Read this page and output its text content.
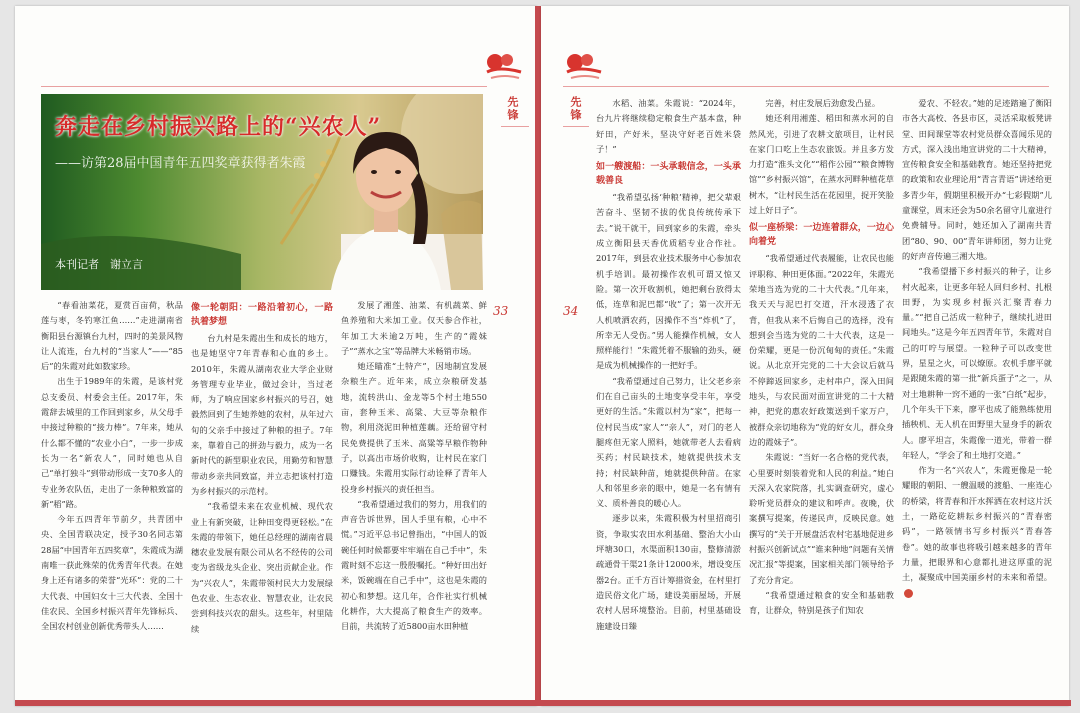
奔走在乡村振兴路上的“兴农人”
——访第28届中国青年五四奖章获得者朱霞
本刊记者　谢立言
先锋

“春看油菜花，夏赏百亩荷，秋品莲与枣，冬钓寒江鱼……”走进湖南省衡阳县台源镇台九村，四时的美景风物让人流连，台九村的“当家人”——“85后”的朱霞对此如数家珍。

出生于1989年的朱霞，是该村党总支委员、村委会主任。2017年，朱霞辞去城里的工作回到家乡，从父母手中接过种粮的“接力棒”。7年来，她从什么都不懂的“农业小白”，一步一步成长为一名“新农人”，同时她也从自己“单打独斗”到带动形成一支70多人的专业务农队伍，走出了一条种粮致富的新“稻”路。

今年五四青年节前夕，共青团中央、全国青联决定，授予30名同志第28届“中国青年五四奖章”，朱霞成为湖南唯一获此殊荣的优秀青年代表。在她身上还有诸多的荣誉“光环”：党的二十大代表、中国妇女十三大代表、全国十佳农民、全国乡村振兴青年先锋标兵、全国农村创业创新优秀带头人……

像一轮朝阳：一路沿着初心，一路执着梦想

台九村是朱霞出生和成长的地方，也是她坚守7年青春和心血的乡土。2010年，朱霞从湖南农业大学企业财务管理专业毕业，做过会计，当过老师，为了响应国家乡村振兴的号召，她毅然回到了生她养她的农村，从年过六旬的父亲手中接过了种粮的担子。7年来，靠着自己的拼劲与毅力，成为一名新时代的新型职业农民，用勤劳和智慧带动乡亲共同致富，并立志把该村打造为乡村振兴的示范村。

“我希望未来在农业机械、现代农业上有新突破，让种田变得更轻松。”在朱霞的带领下，她任总经理的湖南省晨穗农业发展有限公司从名不经传的公司变为省级龙头企业、突出贡献企业。作为“兴农人”，朱霞带领村民大力发展绿色农业、生态农业、智慧农业，让农民尝到科技兴农的甜头。这些年，村里陆续

发展了湘莲、油菜、有机蔬菜、鲜鱼养殖和大米加工业。仅天参合作社，年加工大米逾2万吨，生产的“霞妹子”“蒸水之宝”等品牌大米畅销市场。

她还瞄准“土特产”，因地制宜发展杂粮生产。近年来，成立杂粮研发基地，流转洪山、金龙等5个村土地550亩，套种玉米、高粱、大豆等杂粮作物，利用浇泥田种植莲藕。还给留守村民免费提供了玉米、高粱等早粮作物种子，以高出市场价收购，让村民在家门口赚钱。朱霞用实际行动诠释了青年人投身乡村振兴的责任担当。

“我希望通过我们的努力，用我们的声音告诉世界，国人手里有粮，心中不慌。”习近平总书记曾指出，“中国人的饭碗任何时候都要牢牢端在自己手中”，朱霞时刻不忘这一殷殷嘱托。“种好田出好米，饭碗端在自己手中”，这也是朱霞的初心和梦想。这几年，合作社实行机械化耕作，大大提高了粮食生产的效率。目前，共流转了近5800亩水田种植

33
先锋
34

水稻、油菜。朱霞说：“2024年，台九片将继续稳定粮食生产基本盘，种好田，产好米，坚决守好老百姓米袋子！”

如一艘渡船：一头承载信念，一头承载善良

“我希望弘扬‘种粮’精神，把父辈艰苦奋斗、坚韧不拔的优良传统传承下去。”说干就干，回到家乡的朱霞，牵头成立衡阳县天香优质稻专业合作社。2017年，到县农业技术服务中心参加农机手培训。最初操作农机可谓又惊又险。第一次开收割机，她把剩台放得太低，连草和泥巴都“收”了；第一次开无人机喷洒农药，因操作不当“炸机”了，所幸无人受伤。”男人能操作机械，女人照样能行！”朱霞凭着不服输的劲头，硬是成为机械操作的一把好手。

“我希望通过自己努力，让父老乡亲们在自己亩头的土地变享受丰年，享受更好的生活。”朱霞以村为“家”，把每一位村民当成“家人”“亲人”，对门的老人腿疼但无家人照料，她就带老人去看病买药；村民缺技术，她就提供技术支持；村民缺种苗，她就提供种苗。在家人和邻里乡亲的眼中，她是一名有情有义、质朴善良的暖心人。

逐步以来，朱霞积极为村里招商引资，争取实农田水利基础、整治大小山坪塘30口，水渠面积130亩，整修清淤疏通骨干渠21条计12000米，增设变压器2台。正千方百计筹措资金，在村里打造民俗文化广场，建设美丽屋场，开展农村人居环境整治。目前，村里基础设施建设日臻

完善，村庄发展后劲愈发凸显。

她还利用湘莲、稻田和蒸水河的自然风光，引进了农耕文旅项目，让村民在家门口吃上生态农旅饭。并且多方发力打造“淮头文化”“稻作公园”“粮食博物馆”“乡村振兴馆”，在蒸水河畔种植花草树木，“让村民生活在花园里，捉开笑脸过上好日子”。

似一座桥梁：一边连着群众，一边心向着党

“我希望通过代表履能，让农民也能评职称、种田更体面。”2022年，朱霞光荣地当选为党的二十大代表。”几年来，我天天与泥巴打交道，汗水浸透了衣背，但我从来不后悔自己的选择，没有想到会当选为党的二十大代表，这是一份荣耀，更是一份沉甸甸的责任。”朱霞说。从北京开完党的二十大会议后就马不停蹄返回家乡，走村串户，深入田间地头，与农民面对面宣讲党的二十大精神，把党的惠农好政策送到千家万户，被群众亲切地称为“党的好女儿，群众身边的霞妹子”。

朱霞说：“当好一名合格的党代表，心里要时刻装着党和人民的利益。”她白天深入农家院落，扎实调查研究，虚心聆听党员群众的建议和呼声。夜晚，伏案撰写提案，传递民声，反映民意。她撰写的“关于开展盘活农村宅基地促进乡村振兴创新试点”“谁来种地”问题有关情况汇报”等提案，国家相关部门领导给予了充分肯定。

“我希望通过粮食的安全和基础教育，让群众，特别是孩子们知农

爱农、不轻农。”她的足迹踏遍了衡阳市各大高校、各县市区，灵活采取板凳讲堂、田间课堂等农村党员群众喜闻乐见的方式，深入浅出地宣讲党的二十大精神，宣传粮食安全和基础教育。她还坚持把党的政策和农业理论用“青言青语”讲述给更多青少年，假期里积极开办“七彩假期”儿童课堂，周末还会为50余名留守儿童进行免费辅导。同时，她还加入了湖南共青团“80、90、00”青年讲师团，努力让党的好声音传遍三湘大地。

“我希望播下乡村振兴的种子，让乡村火起来，让更多年轻人回归乡村、扎根田野，为实现乡村振兴汇聚青春力量。”“把自己活成一粒种子，继续扎进田间地头。”这是今年五四青年节，朱霞对自己的叮咛与展望。一粒种子可以改变世界，星星之火，可以燎原。农机手廖平就是跟随朱霞的第一批“新兵蛋子”之一，从对土地耕种一窍不通的一张“白纸”起步，几个年头干下来，廖平也成了能熟练使用插秧机、无人机在田野里大显身手的新农人。廖平坦言，朱霞像一道光，带着一群年轻人，“学会了和土地打交道。”

作为一名“兴农人”，朱霞更像是一轮耀眼的朝阳、一艘温暖的渡船、一座连心的桥梁，将青春和汗水挥洒在农村这片沃土，一路矻矻耕耘乡村振兴的“青春密码”，一路领情书写乡村振兴“青春答卷”。她的故事也将吸引越来越多的青年力量，把眼界和心意都扎进这厚重的泥土，凝聚成中国美丽乡村的未来和希望。
